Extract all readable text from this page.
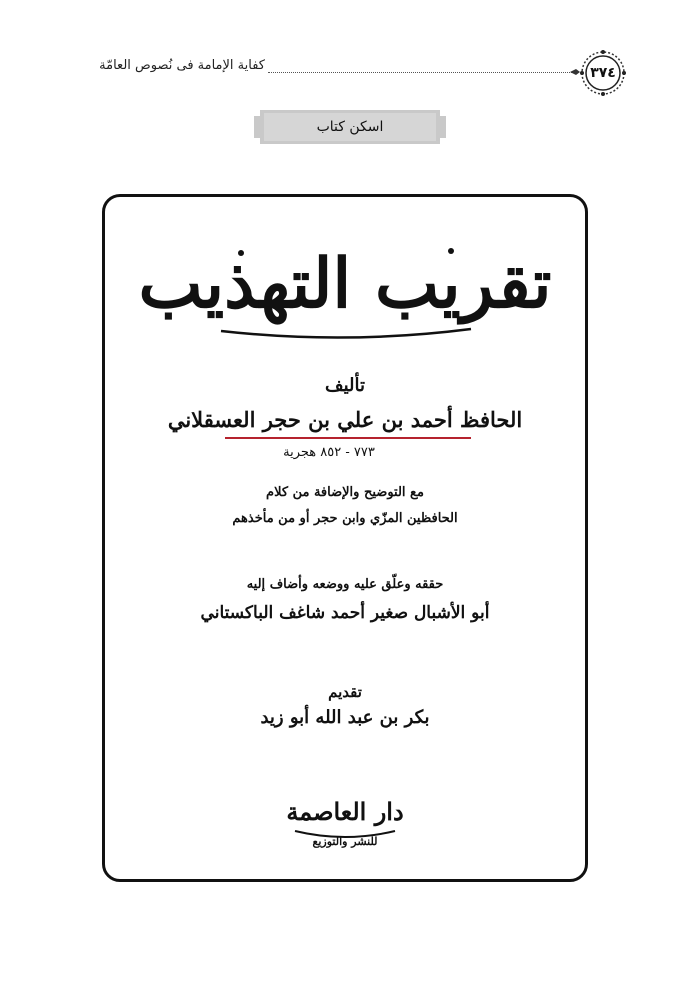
كفاية الإمامة فى نُصوص العامّة	٣٧٤
اسكن كتاب
تقريب التهذيب
تأليف
الحافظ أحمد بن علي بن حجر العسقلاني
٧٧٣ - ٨٥٢ هجرية
مع التوضيح والإضافة من كلام
الحافظين المزّي وابن حجر أو من مأخذهم
حققه وعلّق عليه ووضعه وأضاف إليه
أبو الأشبال صغير أحمد شاغف الباكستاني
تقديم
بكر بن عبد الله أبو زيد
دار العاصمة
للنشر والتوزيع
